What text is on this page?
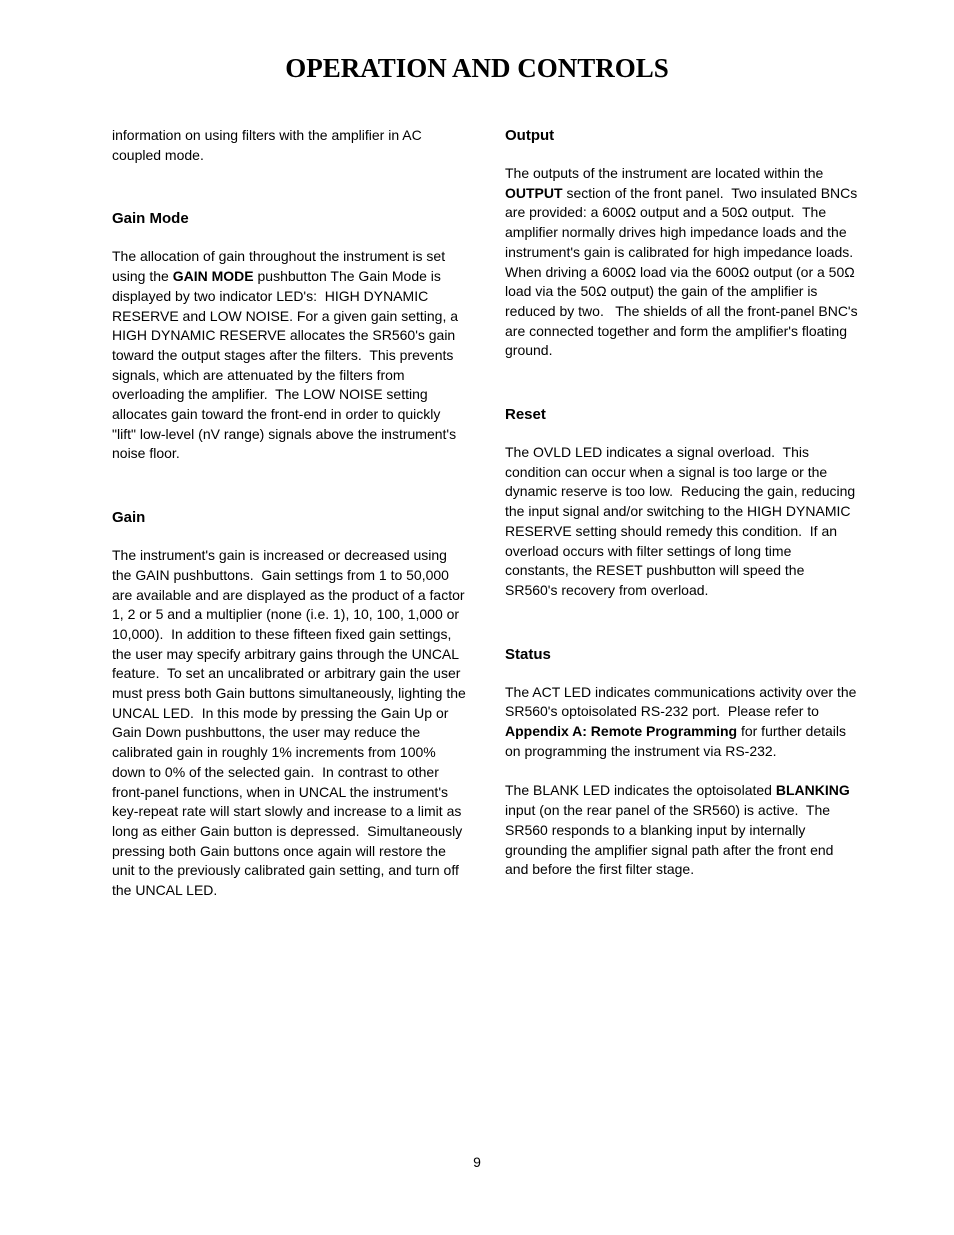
OPERATION AND CONTROLS
information on using filters with the amplifier in AC coupled mode.
Gain Mode
The allocation of gain throughout the instrument is set using the GAIN MODE pushbutton The Gain Mode is displayed by two indicator LED's:  HIGH DYNAMIC RESERVE and LOW NOISE. For a given gain setting, a HIGH DYNAMIC RESERVE allocates the SR560's gain toward the output stages after the filters.  This prevents signals, which are attenuated by the filters from overloading the amplifier.  The LOW NOISE setting allocates gain toward the front-end in order to quickly "lift" low-level (nV range) signals above the instrument's noise floor.
Gain
The instrument's gain is increased or decreased using the GAIN pushbuttons.  Gain settings from 1 to 50,000 are available and are displayed as the product of a factor 1, 2 or 5 and a multiplier (none (i.e. 1), 10, 100, 1,000 or 10,000).  In addition to these fifteen fixed gain settings, the user may specify arbitrary gains through the UNCAL feature.  To set an uncalibrated or arbitrary gain the user must press both Gain buttons simultaneously, lighting the UNCAL LED.  In this mode by pressing the Gain Up or Gain Down pushbuttons, the user may reduce the calibrated gain in roughly 1% increments from 100% down to 0% of the selected gain.  In contrast to other front-panel functions, when in UNCAL the instrument's key-repeat rate will start slowly and increase to a limit as long as either Gain button is depressed.  Simultaneously pressing both Gain buttons once again will restore the unit to the previously calibrated gain setting, and turn off the UNCAL LED.
Output
The outputs of the instrument are located within the OUTPUT section of the front panel.  Two insulated BNCs are provided: a 600Ω output and a 50Ω output.  The amplifier normally drives high impedance loads and the instrument's gain is calibrated for high impedance loads.  When driving a 600Ω load via the 600Ω output (or a 50Ω load via the 50Ω output) the gain of the amplifier is reduced by two.   The shields of all the front-panel BNC's are connected together and form the amplifier's floating ground.
Reset
The OVLD LED indicates a signal overload.  This condition can occur when a signal is too large or the dynamic reserve is too low.  Reducing the gain, reducing the input signal and/or switching to the HIGH DYNAMIC RESERVE setting should remedy this condition.  If an overload occurs with filter settings of long time constants, the RESET pushbutton will speed the SR560's recovery from overload.
Status
The ACT LED indicates communications activity over the SR560's optoisolated RS-232 port.  Please refer to Appendix A: Remote Programming for further details on programming the instrument via RS-232.
The BLANK LED indicates the optoisolated BLANKING input (on the rear panel of the SR560) is active.  The SR560 responds to a blanking input by internally grounding the amplifier signal path after the front end and before the first filter stage.
9
